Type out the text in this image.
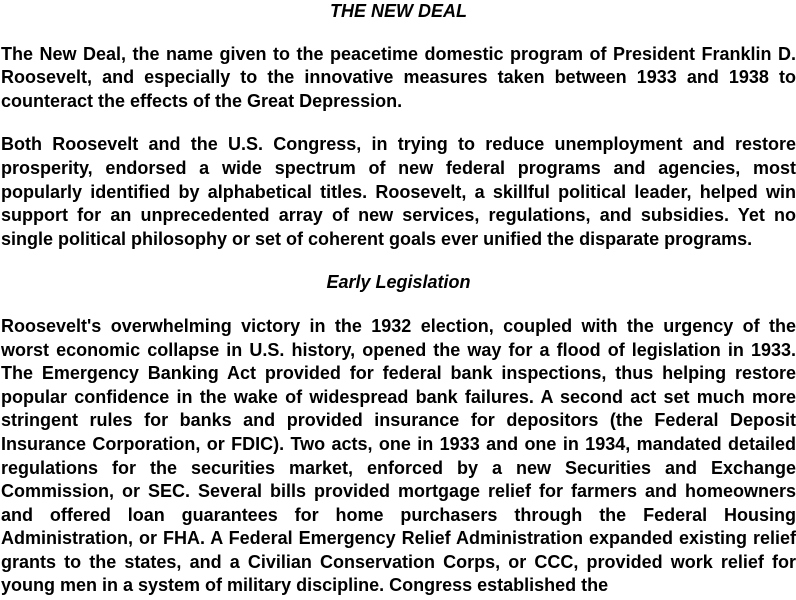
THE NEW DEAL

The New Deal, the name given to the peacetime domestic program of President Franklin D. Roosevelt, and especially to the innovative measures taken between 1933 and 1938 to counteract the effects of the Great Depression.

Both Roosevelt and the U.S. Congress, in trying to reduce unemployment and restore prosperity, endorsed a wide spectrum of new federal programs and agencies, most popularly identified by alphabetical titles. Roosevelt, a skillful political leader, helped win support for an unprecedented array of new services, regulations, and subsidies. Yet no single political philosophy or set of coherent goals ever unified the disparate programs.

Early Legislation

Roosevelt's overwhelming victory in the 1932 election, coupled with the urgency of the worst economic collapse in U.S. history, opened the way for a flood of legislation in 1933. The Emergency Banking Act provided for federal bank inspections, thus helping restore popular confidence in the wake of widespread bank failures. A second act set much more stringent rules for banks and provided insurance for depositors (the Federal Deposit Insurance Corporation, or FDIC). Two acts, one in 1933 and one in 1934, mandated detailed regulations for the securities market, enforced by a new Securities and Exchange Commission, or SEC. Several bills provided mortgage relief for farmers and homeowners and offered loan guarantees for home purchasers through the Federal Housing Administration, or FHA. A Federal Emergency Relief Administration expanded existing relief grants to the states, and a Civilian Conservation Corps, or CCC, provided work relief for young men in a system of military discipline. Congress established the
